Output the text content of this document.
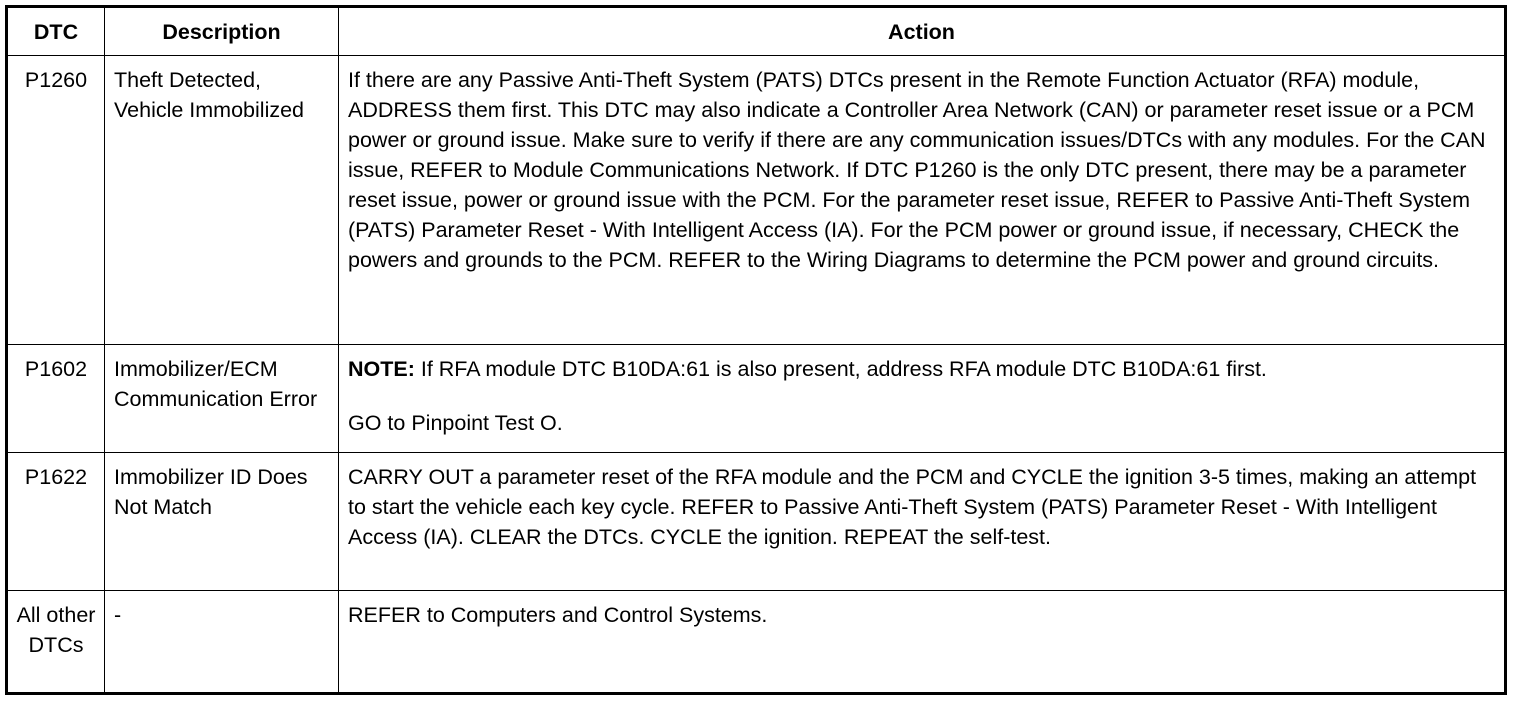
DTC	Description	Action

P1260	Theft Detected, Vehicle Immobilized	If there are any Passive Anti-Theft System (PATS) DTCs present in the Remote Function Actuator (RFA) module, ADDRESS them first. This DTC may also indicate a Controller Area Network (CAN) or parameter reset issue or a PCM power or ground issue. Make sure to verify if there are any communication issues/DTCs with any modules. For the CAN issue, REFER to Module Communications Network. If DTC P1260 is the only DTC present, there may be a parameter reset issue, power or ground issue with the PCM. For the parameter reset issue, REFER to Passive Anti-Theft System (PATS) Parameter Reset - With Intelligent Access (IA). For the PCM power or ground issue, if necessary, CHECK the powers and grounds to the PCM. REFER to the Wiring Diagrams to determine the PCM power and ground circuits.
P1602	Immobilizer/ECM Communication Error	NOTE: If RFA module DTC B10DA:61 is also present, address RFA module DTC B10DA:61 first.
GO to Pinpoint Test O.

P1622	Immobilizer ID Does Not Match	CARRY OUT a parameter reset of the RFA module and the PCM and CYCLE the ignition 3-5 times, making an attempt to start the vehicle each key cycle. REFER to Passive Anti-Theft System (PATS) Parameter Reset - With Intelligent Access (IA). CLEAR the DTCs. CYCLE the ignition. REPEAT the self-test.
All other DTCs	-	REFER to Computers and Control Systems.
